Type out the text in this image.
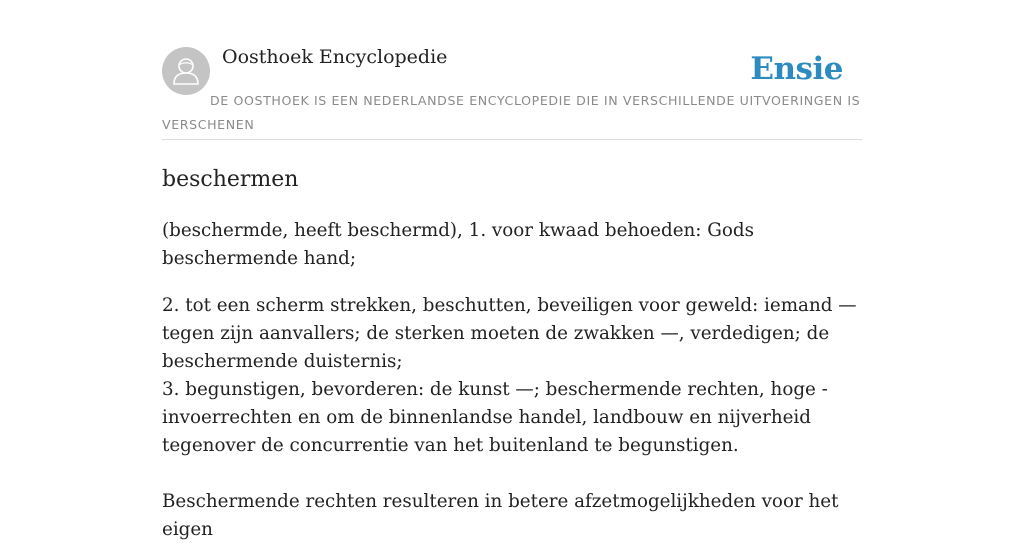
Oosthoek Encyclopedie	Ensie
DE OOSTHOEK IS EEN NEDERLANDSE ENCYCLOPEDIE DIE IN VERSCHILLENDE UITVOERINGEN IS VERSCHENEN
beschermen

(beschermde, heeft beschermd), 1. voor kwaad behoeden: Gods beschermende hand;

2. tot een scherm strekken, beschutten, beveiligen voor geweld: iemand — tegen zijn aanvallers; de sterken moeten de zwakken —, verdedigen; de beschermende duisternis;
3. begunstigen, bevorderen: de kunst —; beschermende rechten, hoge -invoerrechten en om de binnenlandse handel, landbouw en nijverheid tegenover de concurrentie van het buitenland te begunstigen.

Beschermende rechten resulteren in betere afzetmogelijkheden voor het eigen
